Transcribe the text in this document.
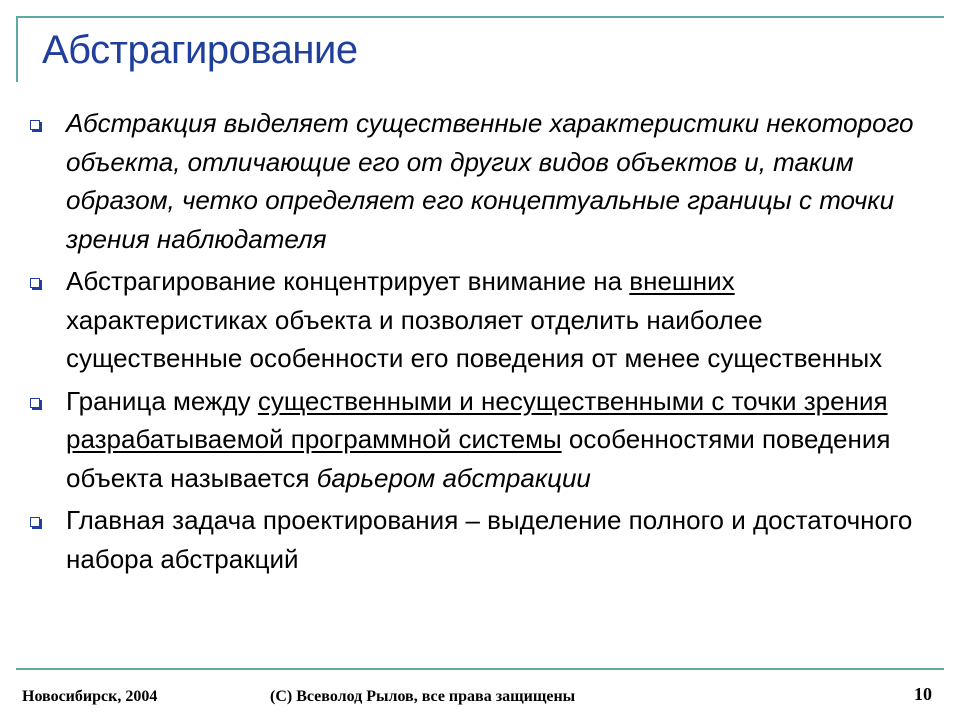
Абстрагирование
Абстракция выделяет существенные характеристики некоторого объекта, отличающие его от других видов объектов и, таким образом, четко определяет его концептуальные границы с точки зрения наблюдателя
Абстрагирование концентрирует внимание на внешних характеристиках объекта и позволяет отделить наиболее существенные особенности его поведения от менее существенных
Граница между существенными и несущественными с точки зрения разрабатываемой программной системы особенностями поведения объекта называется барьером абстракции
Главная задача проектирования – выделение полного и достаточного набора абстракций
Новосибирск, 2004	(С) Всеволод Рылов, все права защищены	10
